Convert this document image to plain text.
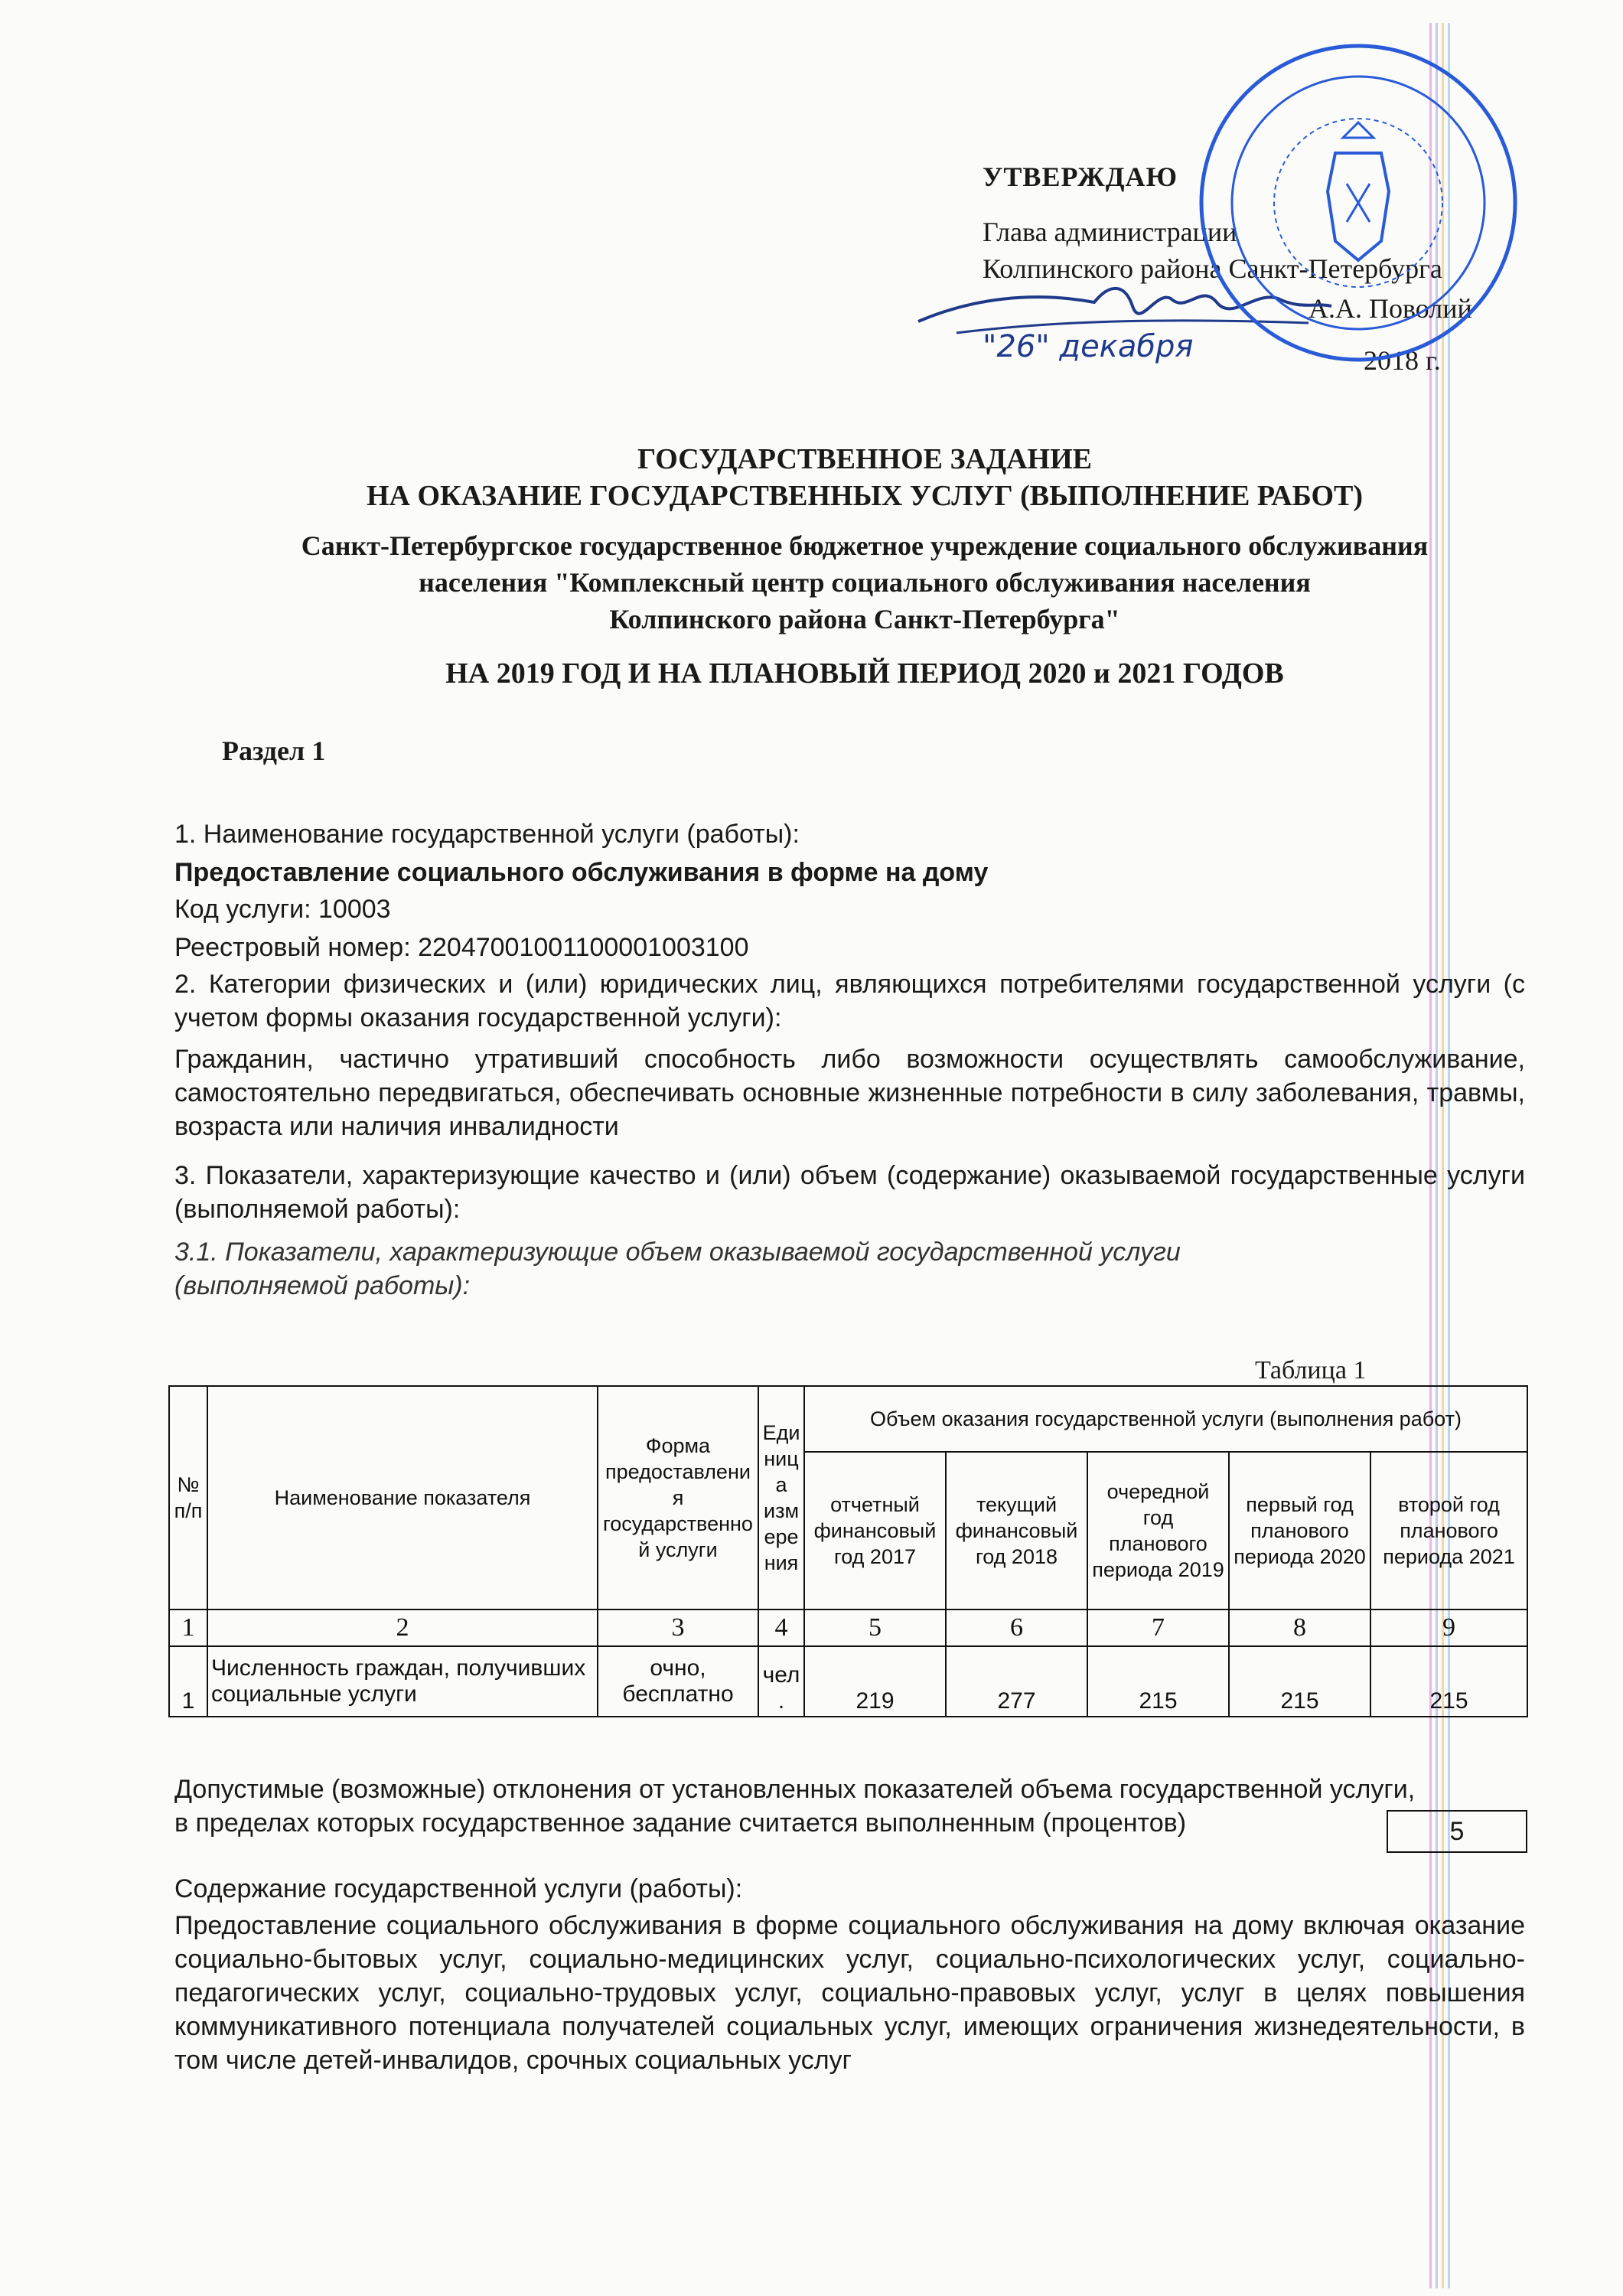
УТВЕРЖДАЮ
Глава администрации
Колпинского района Санкт-Петербурга
А.А. Поволий
"26" декабря	2018 г.
ГОСУДАРСТВЕННОЕ ЗАДАНИЕ
НА ОКАЗАНИЕ ГОСУДАРСТВЕННЫХ УСЛУГ (ВЫПОЛНЕНИЕ РАБОТ)
Санкт-Петербургское государственное бюджетное учреждение социального обслуживания
населения "Комплексный центр социального обслуживания населения
Колпинского района Санкт-Петербурга"
НА 2019 ГОД И НА ПЛАНОВЫЙ ПЕРИОД 2020 и 2021 ГОДОВ
Раздел 1
1. Наименование государственной услуги (работы):
Предоставление социального обслуживания в форме на дому
Код услуги: 10003
Реестровый номер: 22047001001100001003100
2. Категории физических и (или) юридических лиц, являющихся потребителями государственной услуги (с учетом формы оказания государственной услуги):
Гражданин, частично утративший способность либо возможности осуществлять самообслуживание, самостоятельно передвигаться, обеспечивать основные жизненные потребности в силу заболевания, травмы, возраста или наличия инвалидности
3. Показатели, характеризующие качество и (или) объем (содержание) оказываемой государственные услуги (выполняемой работы):
3.1. Показатели, характеризующие объем оказываемой государственной услуги
(выполняемой работы):
Таблица 1
№ п/п	Наименование показателя	Форма предоставления государственной услуги	Единица измерения	Объем оказания государственной услуги (выполнения работ)				
				отчетный финансовый год 2017	текущий финансовый год 2018	очередной год планового периода 2019	первый год планового периода 2020	второй год планового периода 2021
1	2	3	4	5	6	7	8	9
1	Численность граждан, получивших социальные услуги	очно, бесплатно	чел.	219	277	215	215	215
Допустимые (возможные) отклонения от установленных показателей объема государственной услуги,
в пределах которых государственное задание считается выполненным (процентов)	5
Содержание государственной услуги (работы):
Предоставление социального обслуживания в форме социального обслуживания на дому включая оказание социально-бытовых услуг, социально-медицинских услуг, социально-психологических услуг, социально-педагогических услуг, социально-трудовых услуг, социально-правовых услуг, услуг в целях повышения коммуникативного потенциала получателей социальных услуг, имеющих ограничения жизнедеятельности, в том числе детей-инвалидов, срочных социальных услуг
